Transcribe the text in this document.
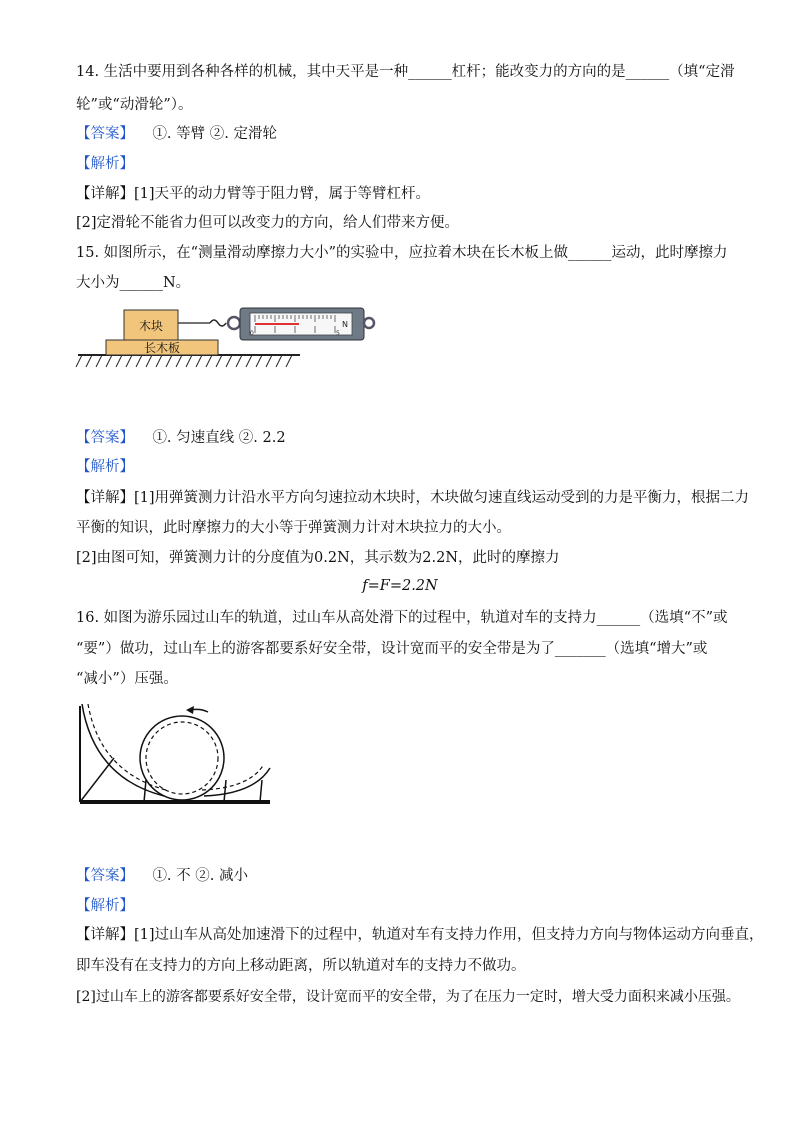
14. 生活中要用到各种各样的机械，其中天平是一种______杠杆；能改变力的方向的是______（填“定滑
轮”或“动滑轮”）。
【答案】 ①. 等臂 ②. 定滑轮
【解析】
【详解】[1]天平的动力臂等于阻力臂，属于等臂杠杆。
[2]定滑轮不能省力但可以改变力的方向，给人们带来方便。
15. 如图所示，在“测量滑动摩擦力大小”的实验中，应拉着木块在长木板上做______运动，此时摩擦力
大小为______N。
长木板
木块
0	5
N
【答案】 ①. 匀速直线 ②. 2.2
【解析】
【详解】[1]用弹簧测力计沿水平方向匀速拉动木块时，木块做匀速直线运动受到的力是平衡力，根据二力
平衡的知识，此时摩擦力的大小等于弹簧测力计对木块拉力的大小。
[2]由图可知，弹簧测力计的分度值为0.2N，其示数为2.2N，此时的摩擦力
f=F=2.2N
16. 如图为游乐园过山车的轨道，过山车从高处滑下的过程中，轨道对车的支持力______（选填“不”或
“要”）做功，过山车上的游客都要系好安全带，设计宽而平的安全带是为了_______（选填“增大”或
“减小”）压强。
【答案】 ①. 不 ②. 减小
【解析】
【详解】[1]过山车从高处加速滑下的过程中，轨道对车有支持力作用，但支持力方向与物体运动方向垂直，
即车没有在支持力的方向上移动距离，所以轨道对车的支持力不做功。
[2]过山车上的游客都要系好安全带，设计宽而平的安全带，为了在压力一定时，增大受力面积来减小压强。
